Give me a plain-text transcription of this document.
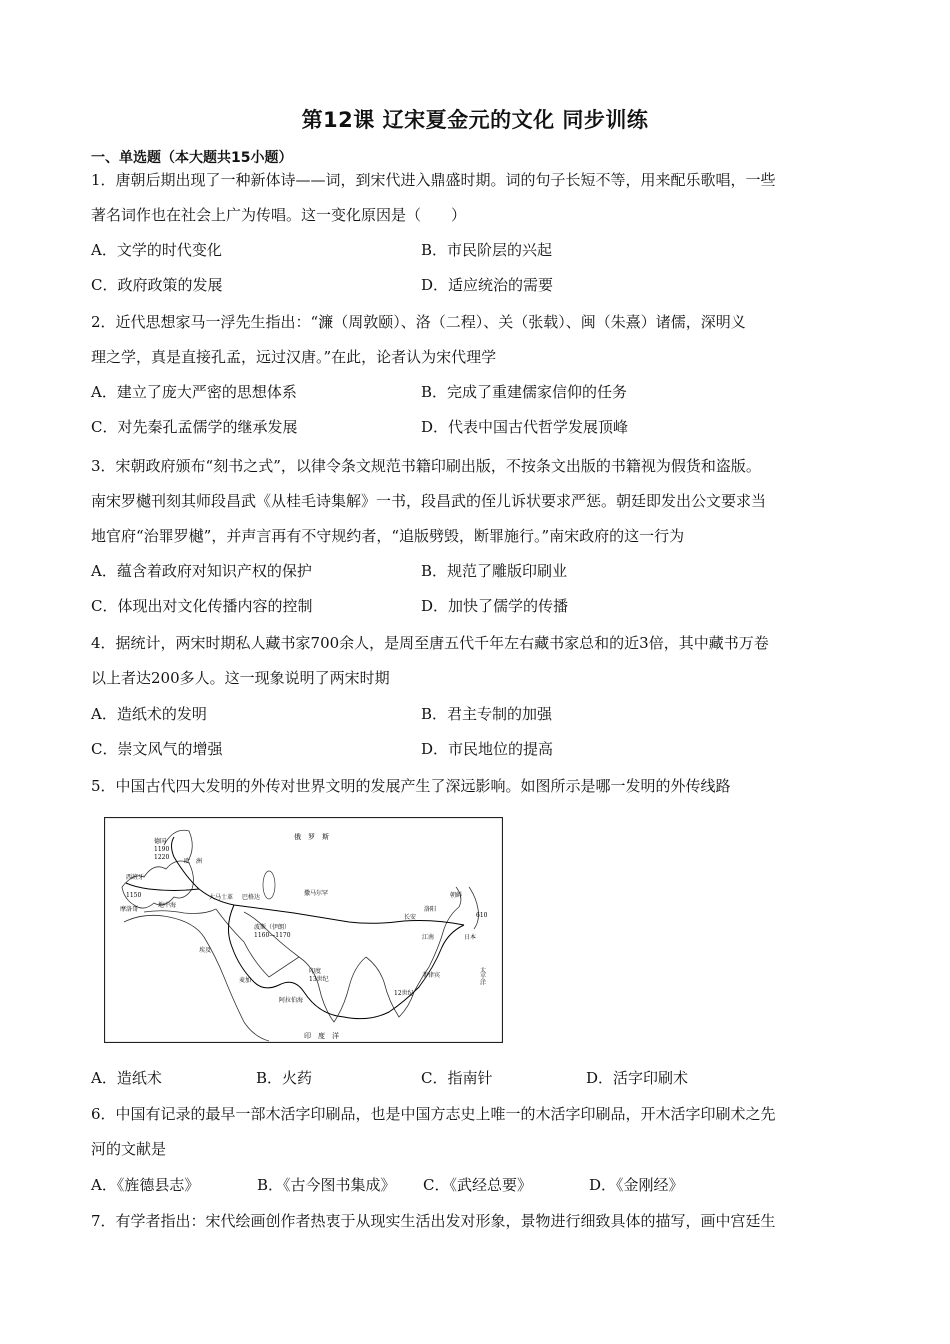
第12课 辽宋夏金元的文化 同步训练
一、单选题（本大题共15小题）
1．唐朝后期出现了一种新体诗——词，到宋代进入鼎盛时期。词的句子长短不等，用来配乐歌唱，一些
著名词作也在社会上广为传唱。这一变化原因是（　　）
A．文学的时代变化	B．市民阶层的兴起
C．政府政策的发展	D．适应统治的需要
2．近代思想家马一浮先生指出：“濂（周敦颐）、洛（二程）、关（张载）、闽（朱熹）诸儒，深明义
理之学，真是直接孔孟，远过汉唐。”在此，论者认为宋代理学
A．建立了庞大严密的思想体系	B．完成了重建儒家信仰的任务
C．对先秦孔孟儒学的继承发展	D．代表中国古代哲学发展顶峰
3．宋朝政府颁布“刻书之式”，以律令条文规范书籍印刷出版，不按条文出版的书籍视为假货和盗版。
南宋罗樾刊刻其师段昌武《从桂毛诗集解》一书，段昌武的侄儿诉状要求严惩。朝廷即发出公文要求当
地官府“治罪罗樾”，并声言再有不守规约者，“追版劈毁，断罪施行。”南宋政府的这一行为
A．蕴含着政府对知识产权的保护	B．规范了雕版印刷业
C．体现出对文化传播内容的控制	D．加快了儒学的传播
4．据统计，两宋时期私人藏书家700余人，是周至唐五代千年左右藏书家总和的近3倍，其中藏书万卷
以上者达200多人。这一现象说明了两宋时期
A．造纸术的发明	B．君主专制的加强
C．崇文风气的增强	D．市民地位的提高
5．中国古代四大发明的外传对世界文明的发展产生了深远影响。如图所示是哪一发明的外传线路
俄　罗　斯
德国
1190
1220
欧　洲
西班牙
1150
摩洛哥
地中海
大马士革 巴格达
撒马尔罕
波斯（伊朗）
1160—1170
埃及
麦加
印度
13世纪
阿拉伯海
长安
洛阳
江南
朝鲜
日本
610
12世纪
菲律宾	太平洋
印　度　洋
A．造纸术	B．火药	C．指南针	D．活字印刷术
6．中国有记录的最早一部木活字印刷品，也是中国方志史上唯一的木活字印刷品，开木活字印刷术之先
河的文献是
A．《旌德县志》	B．《古今图书集成》	C．《武经总要》	D．《金刚经》
7．有学者指出：宋代绘画创作者热衷于从现实生活出发对形象，景物进行细致具体的描写，画中宫廷生
